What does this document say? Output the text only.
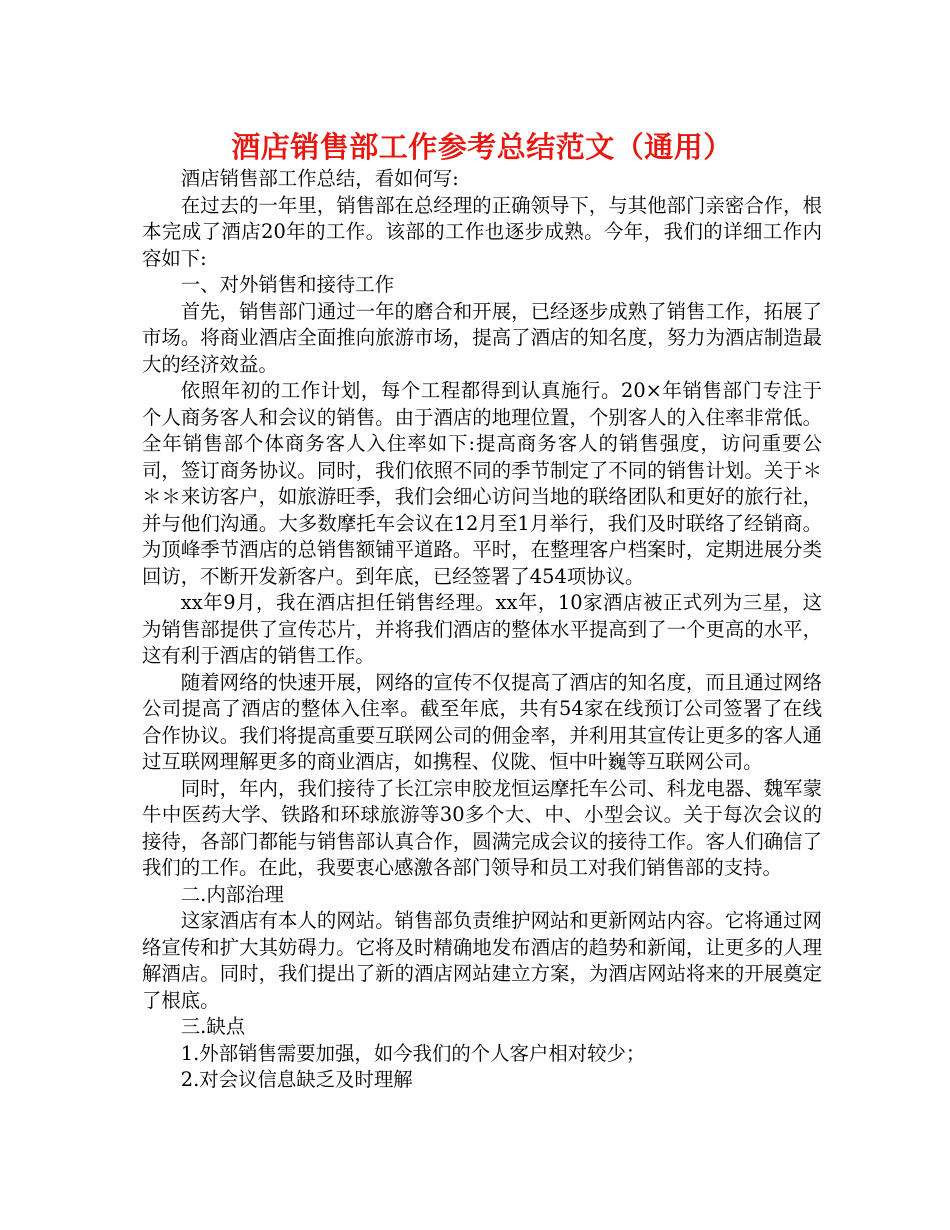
酒店销售部工作参考总结范文（通用）

酒店销售部工作总结，看如何写:

在过去的一年里，销售部在总经理的正确领导下，与其他部门亲密合作，根本完成了酒店20年的工作。该部的工作也逐步成熟。今年，我们的详细工作内容如下:

一、对外销售和接待工作

首先，销售部门通过一年的磨合和开展，已经逐步成熟了销售工作，拓展了市场。将商业酒店全面推向旅游市场，提高了酒店的知名度，努力为酒店制造最大的经济效益。

依照年初的工作计划，每个工程都得到认真施行。20×年销售部门专注于个人商务客人和会议的销售。由于酒店的地理位置，个别客人的入住率非常低。全年销售部个体商务客人入住率如下:提高商务客人的销售强度，访问重要公司，签订商务协议。同时，我们依照不同的季节制定了不同的销售计划。关于＊＊＊来访客户，如旅游旺季，我们会细心访问当地的联络团队和更好的旅行社，并与他们沟通。大多数摩托车会议在12月至1月举行，我们及时联络了经销商。为顶峰季节酒店的总销售额铺平道路。平时，在整理客户档案时，定期进展分类回访，不断开发新客户。到年底，已经签署了454项协议。

xx年9月，我在酒店担任销售经理。xx年，10家酒店被正式列为三星，这为销售部提供了宣传芯片，并将我们酒店的整体水平提高到了一个更高的水平，这有利于酒店的销售工作。

随着网络的快速开展，网络的宣传不仅提高了酒店的知名度，而且通过网络公司提高了酒店的整体入住率。截至年底，共有54家在线预订公司签署了在线合作协议。我们将提高重要互联网公司的佣金率，并利用其宣传让更多的客人通过互联网理解更多的商业酒店，如携程、仪陇、恒中叶巍等互联网公司。

同时，年内，我们接待了长江宗申胶龙恒运摩托车公司、科龙电器、魏军蒙牛中医药大学、铁路和环球旅游等30多个大、中、小型会议。关于每次会议的接待，各部门都能与销售部认真合作，圆满完成会议的接待工作。客人们确信了我们的工作。在此，我要衷心感激各部门领导和员工对我们销售部的支持。

二.内部治理

这家酒店有本人的网站。销售部负责维护网站和更新网站内容。它将通过网络宣传和扩大其妨碍力。它将及时精确地发布酒店的趋势和新闻，让更多的人理解酒店。同时，我们提出了新的酒店网站建立方案，为酒店网站将来的开展奠定了根底。

三.缺点

1.外部销售需要加强，如今我们的个人客户相对较少；

2.对会议信息缺乏及时理解
